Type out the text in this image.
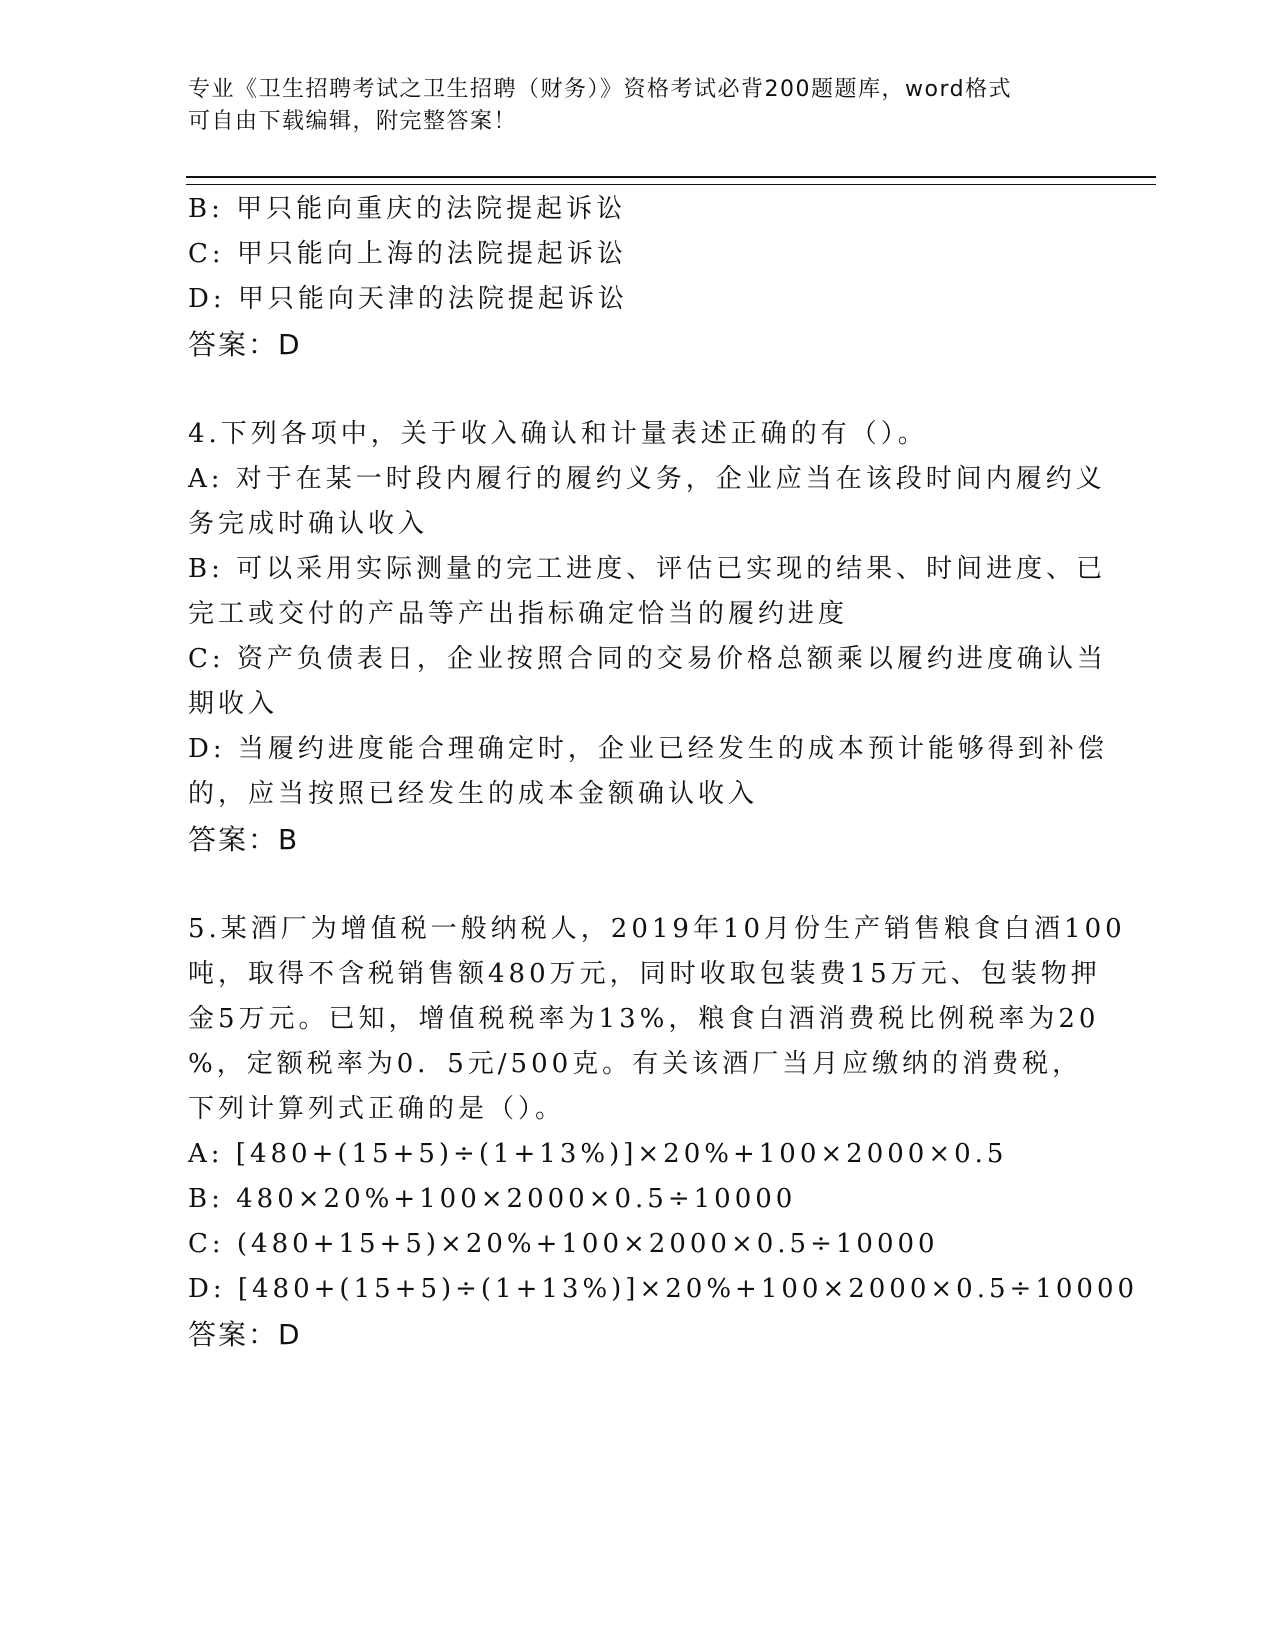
专业《卫生招聘考试之卫生招聘（财务）》资格考试必背200题题库，word格式
可自由下载编辑，附完整答案！
B: 甲只能向重庆的法院提起诉讼
C: 甲只能向上海的法院提起诉讼
D: 甲只能向天津的法院提起诉讼
答案：D
4.下列各项中，关于收入确认和计量表述正确的有（）。
A: 对于在某一时段内履行的履约义务，企业应当在该段时间内履约义
务完成时确认收入
B: 可以采用实际测量的完工进度、评估已实现的结果、时间进度、已
完工或交付的产品等产出指标确定恰当的履约进度
C: 资产负债表日，企业按照合同的交易价格总额乘以履约进度确认当
期收入
D: 当履约进度能合理确定时，企业已经发生的成本预计能够得到补偿
的，应当按照已经发生的成本金额确认收入
答案：B
5.某酒厂为增值税一般纳税人，2019年10月份生产销售粮食白酒100
吨，取得不含税销售额480万元，同时收取包装费15万元、包装物押
金5万元。已知，增值税税率为13%，粮食白酒消费税比例税率为20
%，定额税率为0．5元/500克。有关该酒厂当月应缴纳的消费税，
下列计算列式正确的是（）。
A: [480+(15+5)÷(1+13%)]×20%+100×2000×0.5
B: 480×20%+100×2000×0.5÷10000
C: (480+15+5)×20%+100×2000×0.5÷10000
D: [480+(15+5)÷(1+13%)]×20%+100×2000×0.5÷10000
答案：D
